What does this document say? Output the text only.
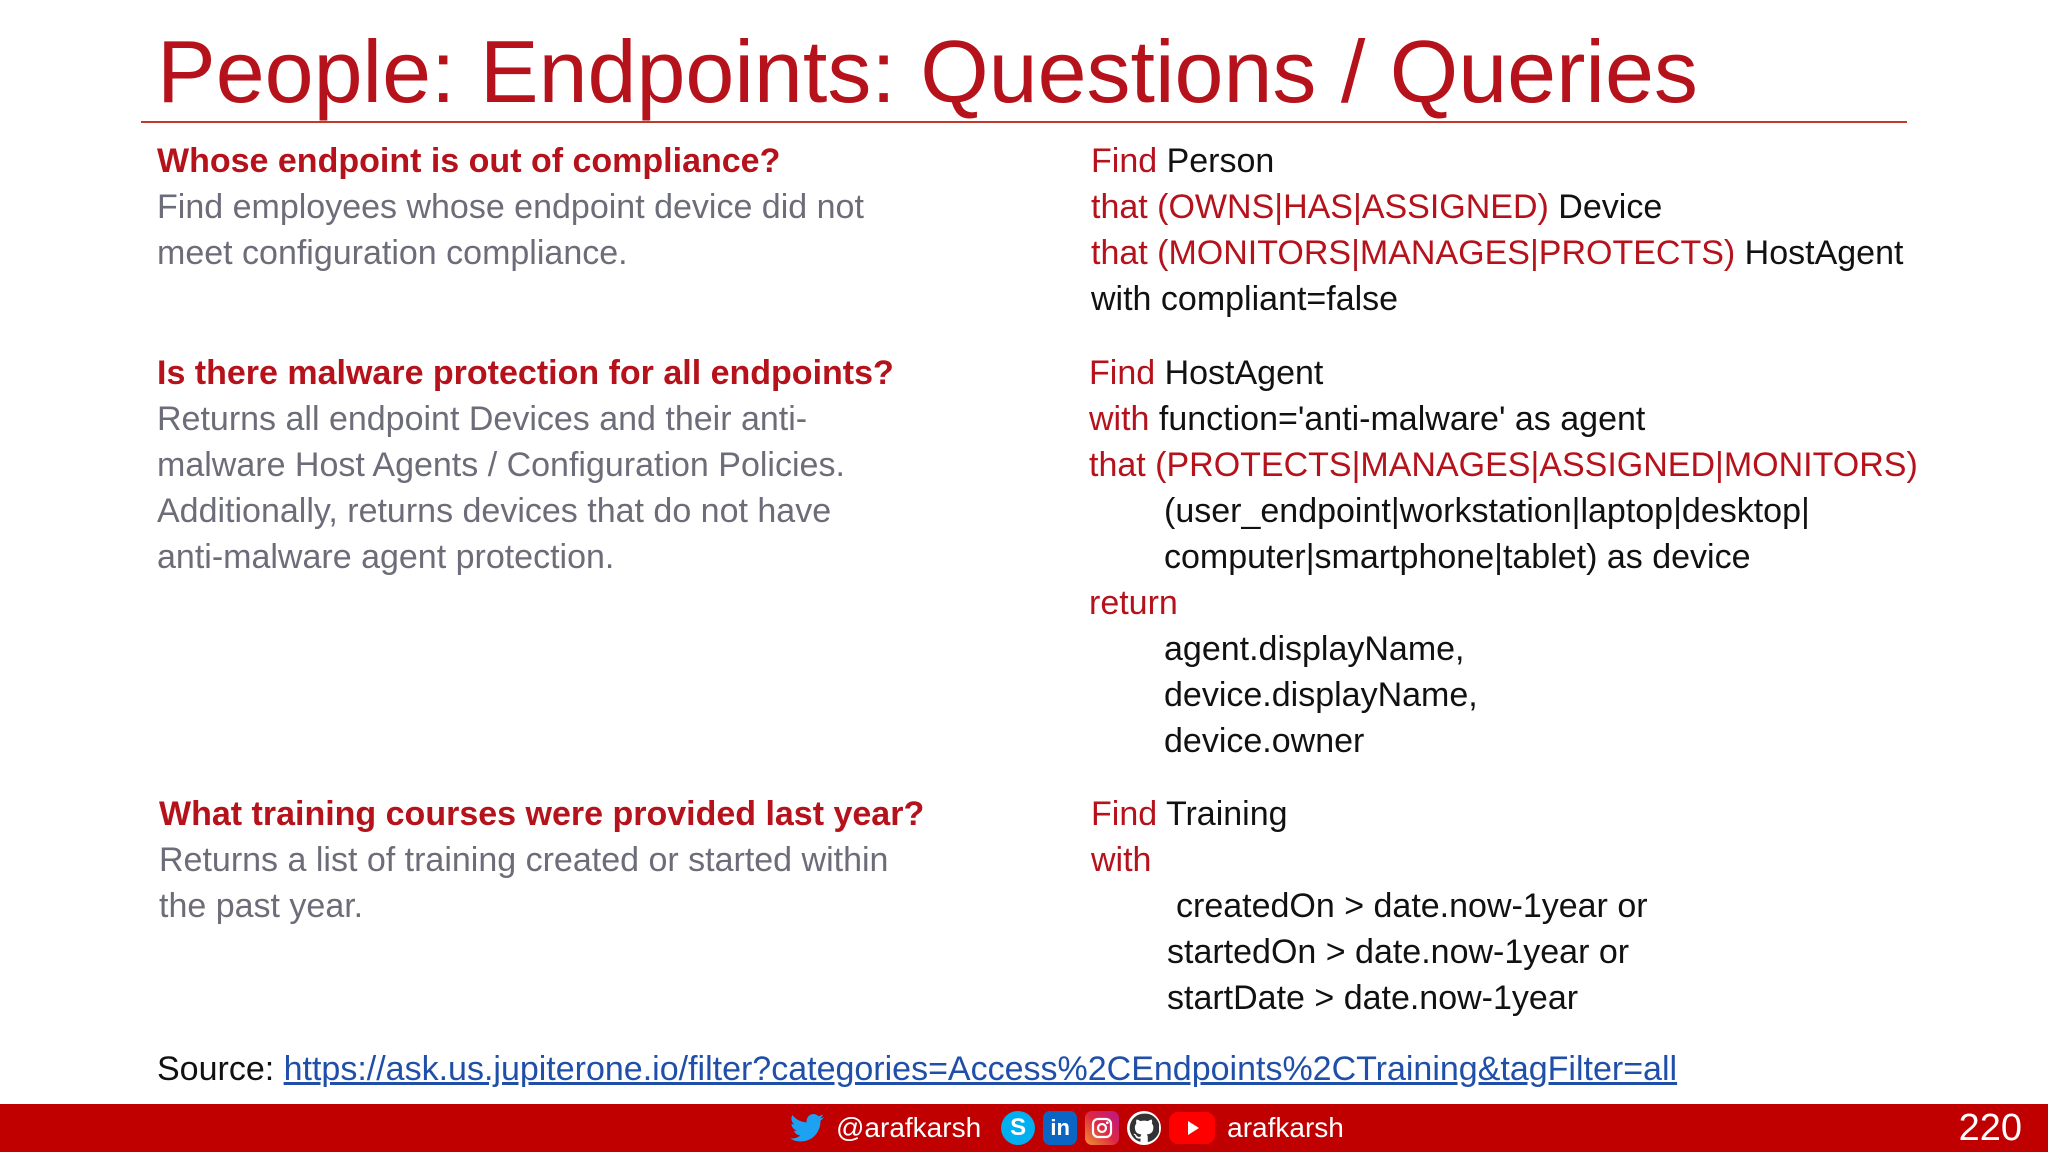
People: Endpoints: Questions / Queries
Whose endpoint is out of compliance?
Find employees whose endpoint device did not
meet configuration compliance.
Find Person
that (OWNS|HAS|ASSIGNED) Device
that (MONITORS|MANAGES|PROTECTS) HostAgent
with compliant=false
Is there malware protection for all endpoints?
Returns all endpoint Devices and their anti-
malware Host Agents / Configuration Policies.
Additionally, returns devices that do not have
anti-malware agent protection.
Find HostAgent
with function='anti-malware' as agent
that (PROTECTS|MANAGES|ASSIGNED|MONITORS)
(user_endpoint|workstation|laptop|desktop|
computer|smartphone|tablet) as device
return
agent.displayName,
device.displayName,
device.owner
What training courses were provided last year?
Returns a list of training created or started within
the past year.
Find Training
with
createdOn > date.now-1year or
startedOn > date.now-1year or
startDate > date.now-1year
Source: https://ask.us.jupiterone.io/filter?categories=Access%2CEndpoints%2CTraining&tagFilter=all
@arafkarsh	S	in	arafkarsh	220
